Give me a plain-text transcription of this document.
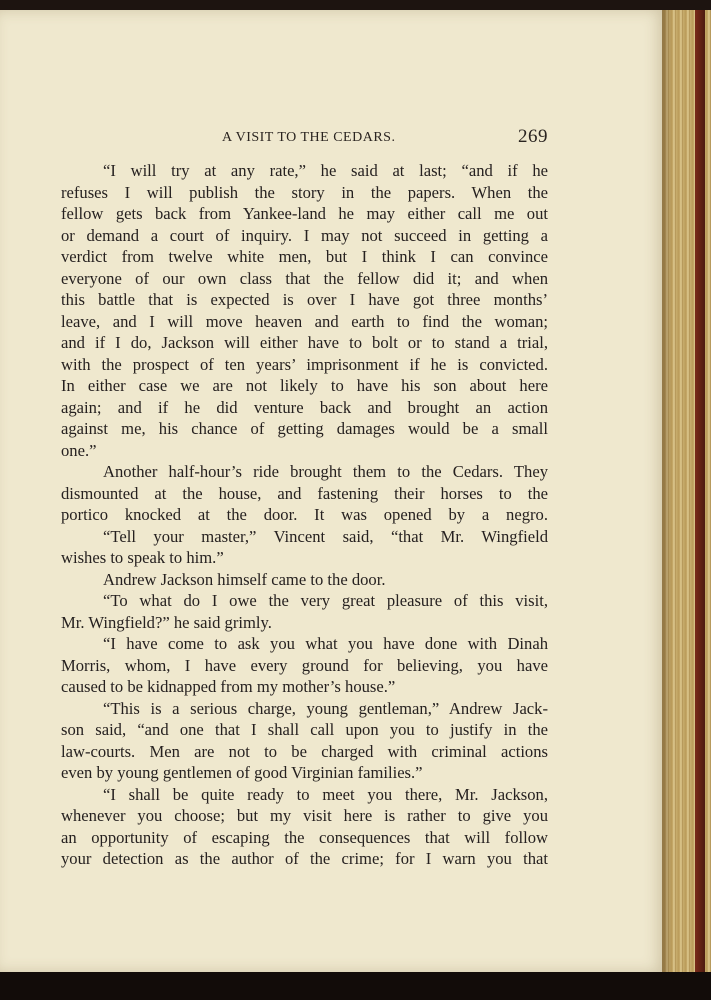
A VISIT TO THE CEDARS.	269
“I will try at any rate,” he said at last; “and if he
refuses I will publish the story in the papers. When the
fellow gets back from Yankee-land he may either call me out
or demand a court of inquiry. I may not succeed in getting a
verdict from twelve white men, but I think I can convince
everyone of our own class that the fellow did it; and when
this battle that is expected is over I have got three months’
leave, and I will move heaven and earth to find the woman;
and if I do, Jackson will either have to bolt or to stand a trial,
with the prospect of ten years’ imprisonment if he is convicted.
In either case we are not likely to have his son about here
again; and if he did venture back and brought an action
against me, his chance of getting damages would be a small
one.”
Another half-hour’s ride brought them to the Cedars. They
dismounted at the house, and fastening their horses to the
portico knocked at the door. It was opened by a negro.
“Tell your master,” Vincent said, “that Mr. Wingfield
wishes to speak to him.”
Andrew Jackson himself came to the door.
“To what do I owe the very great pleasure of this visit,
Mr. Wingfield?” he said grimly.
“I have come to ask you what you have done with Dinah
Morris, whom, I have every ground for believing, you have
caused to be kidnapped from my mother’s house.”
“This is a serious charge, young gentleman,” Andrew Jack-
son said, “and one that I shall call upon you to justify in the
law-courts. Men are not to be charged with criminal actions
even by young gentlemen of good Virginian families.”
“I shall be quite ready to meet you there, Mr. Jackson,
whenever you choose; but my visit here is rather to give you
an opportunity of escaping the consequences that will follow
your detection as the author of the crime; for I warn you that
